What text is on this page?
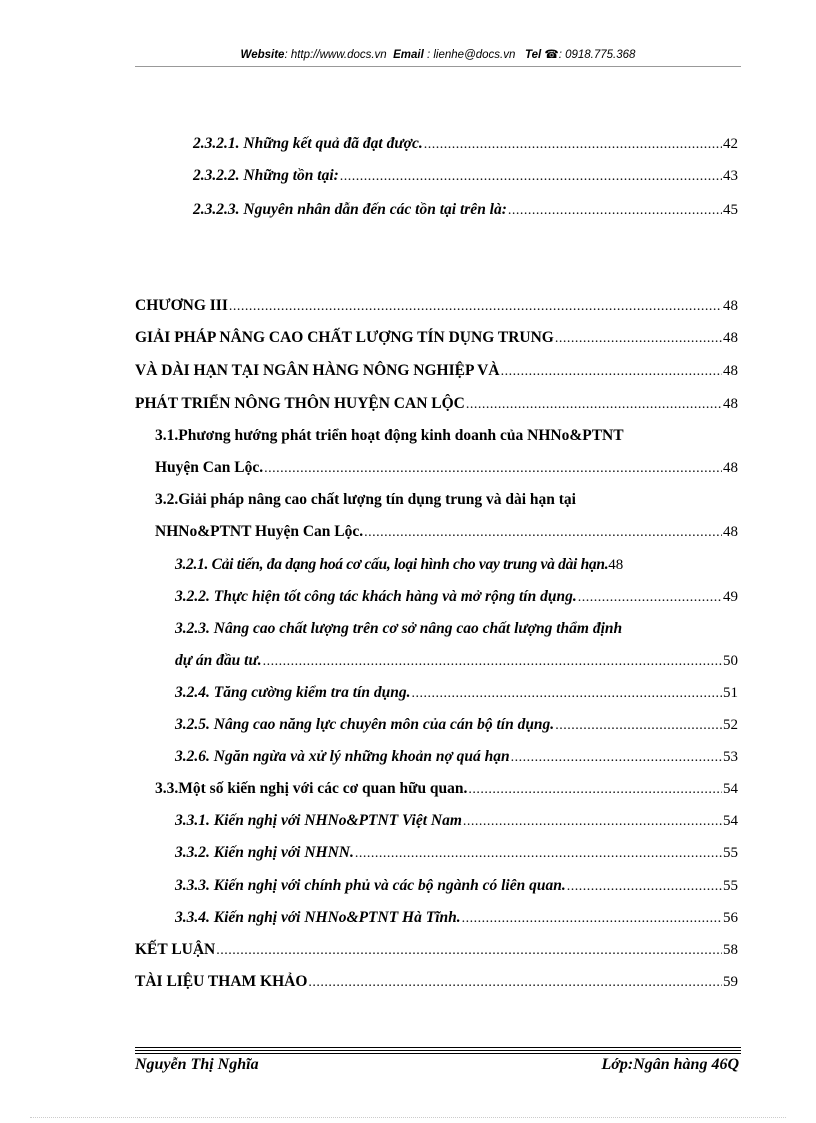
Website: http://www.docs.vn Email : lienhe@docs.vn Tel ☎: 0918.775.368
2.3.2.1. Những kết quả đã đạt được. .....	42
2.3.2.2. Những tồn tại: .....	43
2.3.2.3. Nguyên nhân dẫn đến các tồn tại trên là: .....	45
CHƯƠNG III .....	48
GIẢI PHÁP NÂNG CAO CHẤT LƯỢNG TÍN DỤNG TRUNG .....	48
VÀ DÀI HẠN TẠI NGÂN HÀNG NÔNG NGHIỆP VÀ .....	48
PHÁT TRIỂN NÔNG THÔN HUYỆN CAN LỘC .....	48
3.1.Phương hướng phát triển hoạt động kinh doanh của NHNo&PTNT
Huyện Can Lộc. .....	48
3.2.Giải pháp nâng cao chất lượng tín dụng trung và dài hạn tại
NHNo&PTNT Huyện Can Lộc. .....	48
3.2.1. Cải tiến, đa dạng hoá cơ cấu, loại hình cho vay trung và dài hạn. 48
3.2.2. Thực hiện tốt công tác khách hàng và mở rộng tín dụng. .....	49
3.2.3. Nâng cao chất lượng trên cơ sở nâng cao chất lượng thẩm định
dự án đầu tư. .....	50
3.2.4. Tăng cường kiểm tra tín dụng. .....	51
3.2.5. Nâng cao năng lực chuyên môn của cán bộ tín dụng. .....	52
3.2.6. Ngăn ngừa và xử lý những khoản nợ quá hạn .....	53
3.3.Một số kiến nghị với các cơ quan hữu quan. .....	54
3.3.1. Kiến nghị với NHNo&PTNT Việt Nam .....	54
3.3.2. Kiến nghị với NHNN. .....	55
3.3.3. Kiến nghị với chính phủ và các bộ ngành có liên quan. .....	55
3.3.4. Kiến nghị với NHNo&PTNT Hà Tĩnh. .....	56
KẾT LUẬN .....	58
TÀI LIỆU THAM KHẢO .....	59
Nguyễn Thị Nghĩa	Lớp:Ngân hàng 46Q
